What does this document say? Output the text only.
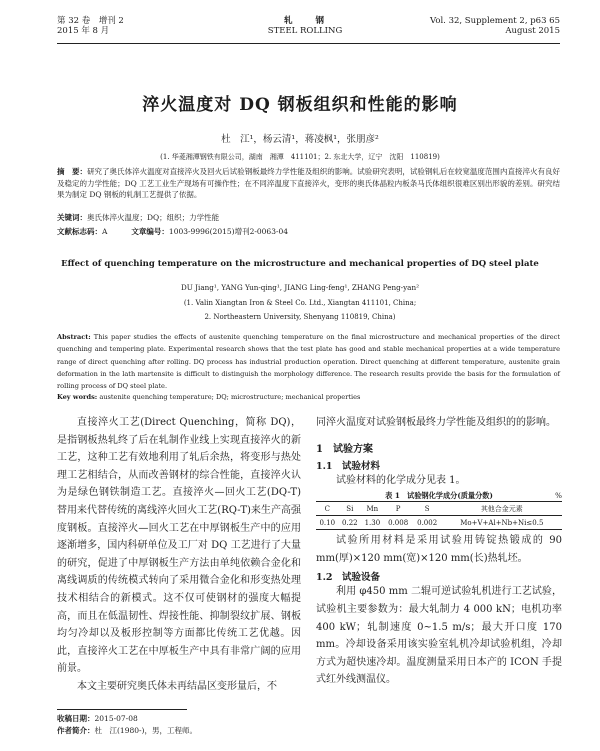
第 32 卷　增刊 2
2015 年 8 月
轧　　钢
STEEL ROLLING
Vol. 32, Supplement 2, p63 65
August 2015
淬火温度对 DQ 钢板组织和性能的影响
杜　江¹，杨云清¹，蒋凌枫¹，张朋彦²
(1. 华菱湘潭钢铁有限公司，湖南　湘潭　411101；2. 东北大学，辽宁　沈阳　110819)
摘　要：研究了奥氏体淬火温度对直接淬火及回火后试验钢板最终力学性能及组织的影响。试验研究表明，试验钢轧后在较宽温度范围内直接淬火有良好及稳定的力学性能；DQ 工艺工业生产现场有可操作性；在不同淬温度下直接淬火，变形的奥氏体晶粒内板条马氏体组织很难区别出形貌的差别。研究结果为制定 DQ 钢板的轧制工艺提供了依据。
关键词：奥氏体淬火温度；DQ；组织；力学性能
文献标志码：A	文章编号：1003-9996(2015)增刊2-0063-04
Effect of quenching temperature on the microstructure and mechanical properties of DQ steel plate
DU Jiang¹, YANG Yun-qing¹, JIANG Ling-feng¹, ZHANG Peng-yan²
(1. Valin Xiangtan Iron & Steel Co. Ltd., Xiangtan 411101, China;
2. Northeastern University, Shenyang 110819, China)
Abstract: This paper studies the effects of austenite quenching temperature on the final microstructure and mechanical properties of the direct quenching and tempering plate. Experimental research shows that the test plate has good and stable mechanical properties at a wide temperature range of direct quenching after rolling. DQ process has industrial production operation. Direct quenching at different temperature, austenite grain deformation in the lath martensite is difficult to distinguish the morphology difference. The research results provide the basis for the formulation of rolling process of DQ steel plate.
Key words: austenite quenching temperature; DQ; microstructure; mechanical properties
直接淬火工艺(Direct Quenching，简称 DQ)，是指钢板热轧终了后在轧制作业线上实现直接淬火的新工艺，这种工艺有效地利用了轧后余热，将变形与热处理工艺相结合，从而改善钢材的综合性能，直接淬火认为是绿色钢铁制造工艺。直接淬火—回火工艺(DQ-T)替用来代替传统的离线淬火回火工艺(RQ-T)来生产高强度钢板。直接淬火—回火工艺在中厚钢板生产中的应用逐渐增多，国内科研单位及工厂对 DQ 工艺进行了大量的研究，促进了中厚钢板生产方法由单纯依赖合金化和离线调质的传统模式转向了采用微合金化和形变热处理技术相结合的新模式。这不仅可使钢材的强度大幅提高，而且在低温韧性、焊接性能、抑制裂纹扩展、钢板均匀冷却以及板形控制等方面都比传统工艺优越。因此，直接淬火工艺在中厚板生产中具有非常广阔的应用前景。
本文主要研究奥氏体未再结晶区变形量后，不
同淬火温度对试验钢板最终力学性能及组织的的影响。
1　试验方案
1.1　试验材料
试验材料的化学成分见表 1。
表 1　试验钢化学成分(质量分数)	%
C	Si	Mn	P	S	其他合金元素
0.10	0.22	1.30	0.008	0.002	Mo+V+Al+Nb+Ni≤0.5
试验所用材料是采用试验用铸锭热锻成的 90 mm(厚)×120 mm(宽)×120 mm(长)热轧坯。
1.2　试验设备
利用 φ450 mm 二辊可逆试验轧机进行工艺试验，试验机主要参数为：最大轧制力 4 000 kN；电机功率 400 kW；轧制速度 0~1.5 m/s；最大开口度 170 mm。冷却设备采用该实验室轧机冷却试验机组，冷却方式为超快速冷却。温度测量采用日本产的 ICON 手提式红外线测温仪。
收稿日期：2015-07-08
作者简介：杜　江(1980-)，男，工程师。
